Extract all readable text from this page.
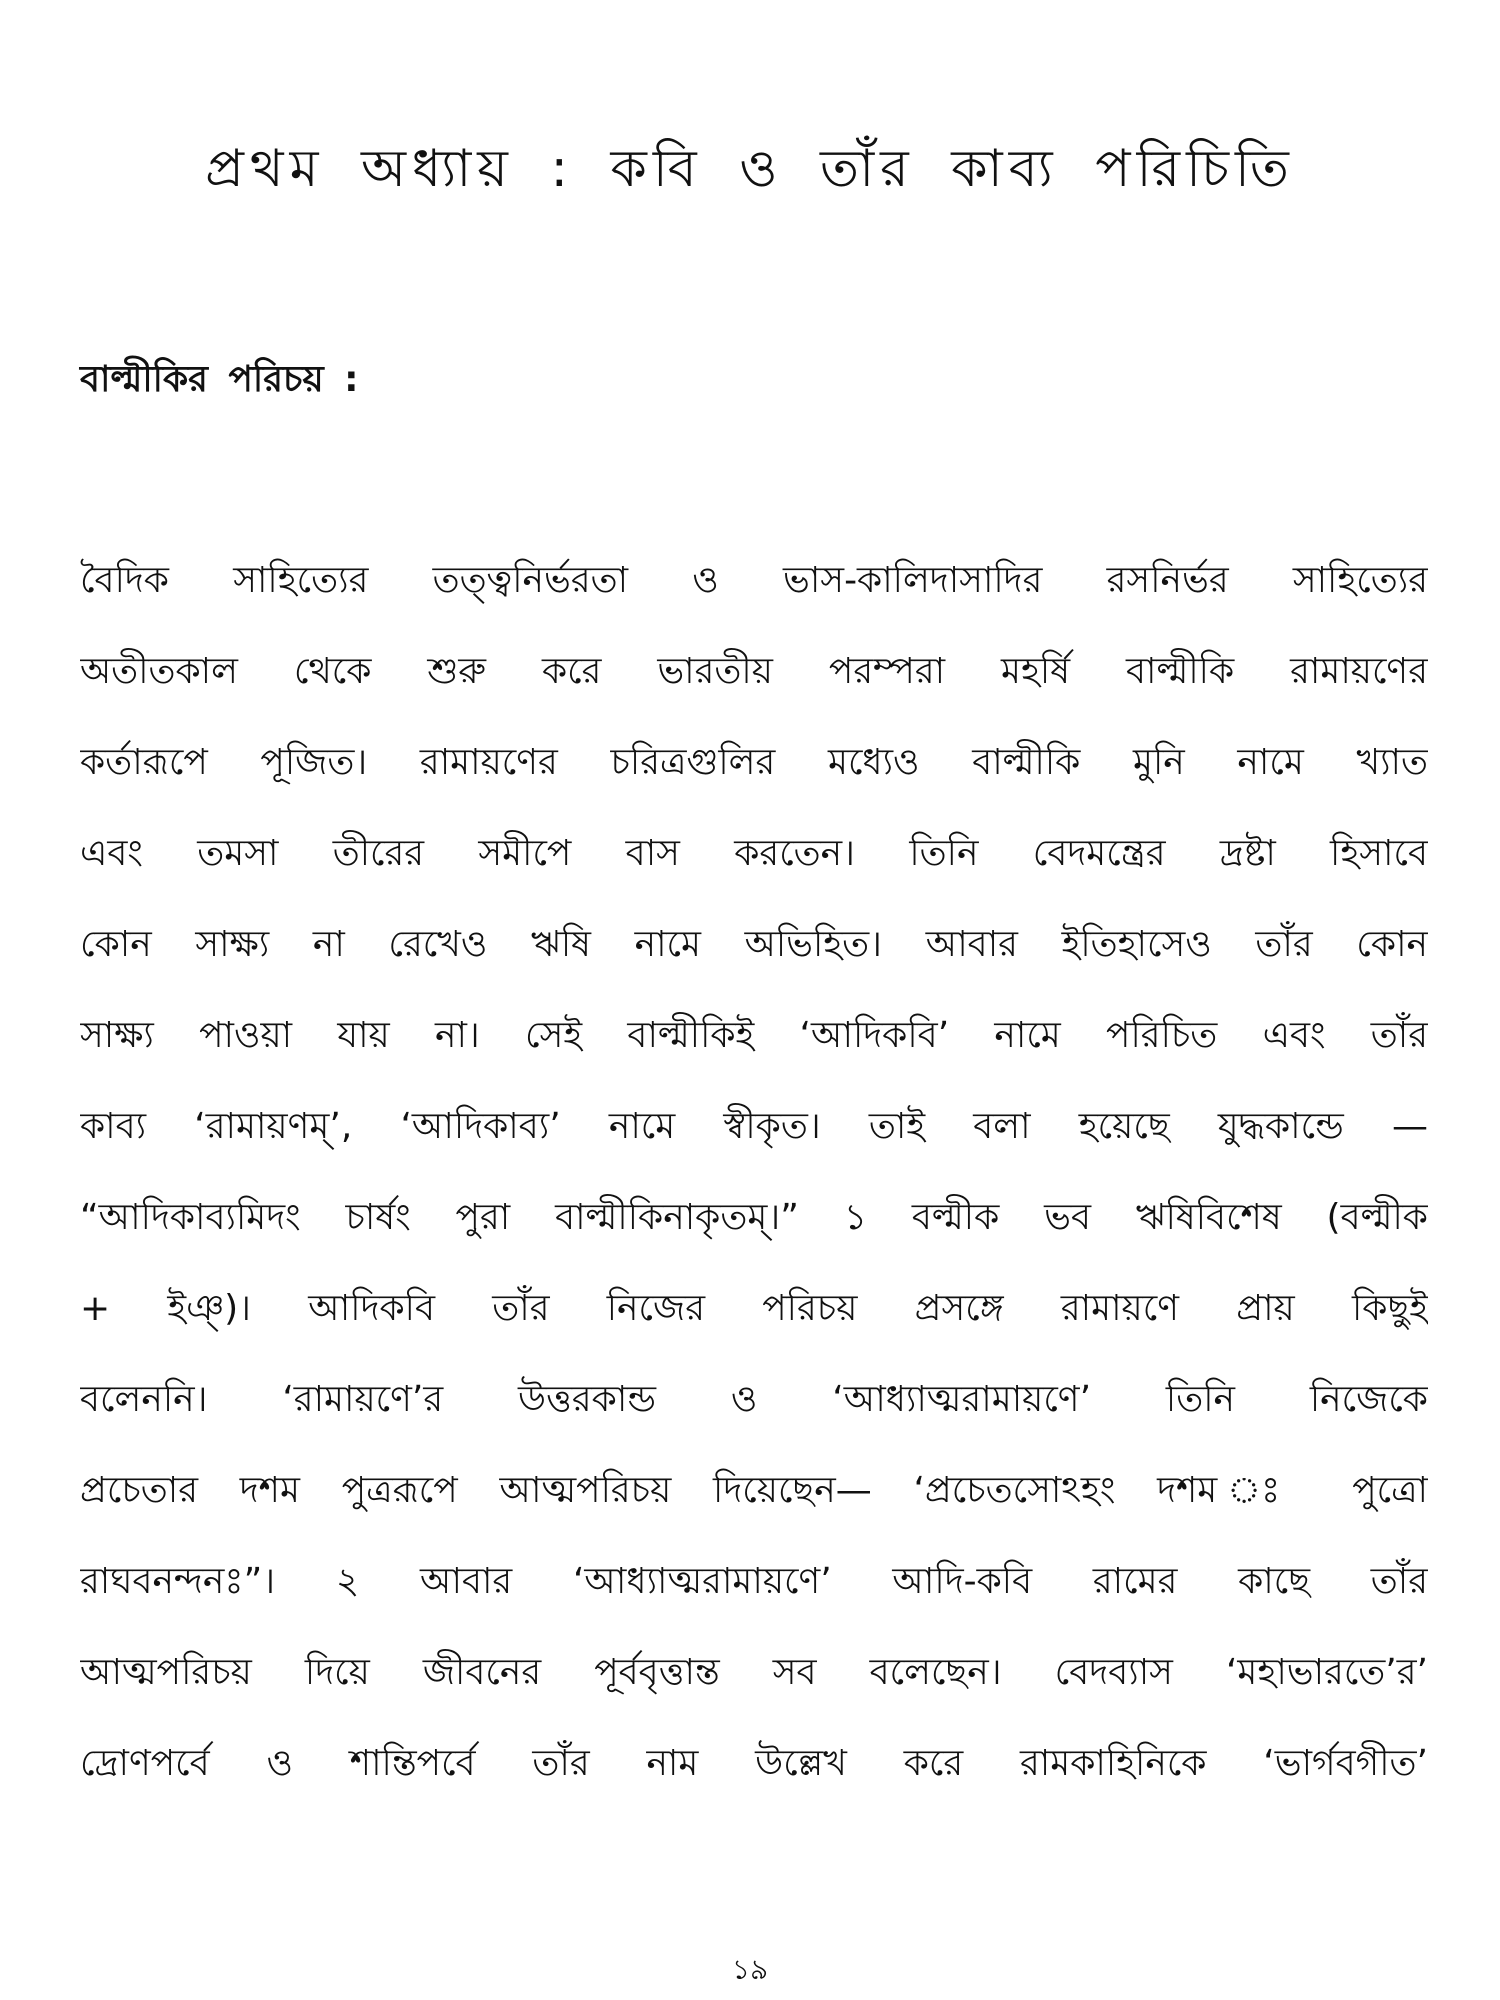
প্রথম অধ্যায় : কবি ও তাঁর কাব্য পরিচিতি
বাল্মীকির পরিচয় :
বৈদিক সাহিত্যের তত্ত্বনির্ভরতা ও ভাস-কালিদাসাদির রসনির্ভর সাহিত্যের
অতীতকাল থেকে শুরু করে ভারতীয় পরম্পরা মহর্ষি বাল্মীকি রামায়ণের
কর্তারূপে পূজিত। রামায়ণের চরিত্রগুলির মধ্যেও বাল্মীকি মুনি নামে খ্যাত
এবং তমসা তীরের সমীপে বাস করতেন। তিনি বেদমন্ত্রের দ্রষ্টা হিসাবে
কোন সাক্ষ্য না রেখেও ঋষি নামে অভিহিত। আবার ইতিহাসেও তাঁর কোন
সাক্ষ্য পাওয়া যায় না। সেই বাল্মীকিই ‘আদিকবি’ নামে পরিচিত এবং তাঁর
কাব্য ‘রামায়ণম্’, ‘আদিকাব্য’ নামে স্বীকৃত। তাই বলা হয়েছে যুদ্ধকান্ডে —
“আদিকাব্যমিদং চার্ষং পুরা বাল্মীকিনাকৃতম্।” ১ বল্মীক ভব ঋষিবিশেষ (বল্মীক
+ ইঞ্)। আদিকবি তাঁর নিজের পরিচয় প্রসঙ্গে রামায়ণে প্রায় কিছুই
বলেননি। ‘রামায়ণে’র উত্তরকান্ড ও ‘আধ্যাত্মরামায়ণে’ তিনি নিজেকে
প্রচেতার দশম পুত্ররূপে আত্মপরিচয় দিয়েছেন— ‘প্রচেতসোঽহং দশম ঃ পুত্রো
রাঘবনন্দনঃ”। ২ আবার ‘আধ্যাত্মরামায়ণে’ আদি-কবি রামের কাছে তাঁর
আত্মপরিচয় দিয়ে জীবনের পূর্ববৃত্তান্ত সব বলেছেন। বেদব্যাস ‘মহাভারতে’র’
দ্রোণপর্বে ও শান্তিপর্বে তাঁর নাম উল্লেখ করে রামকাহিনিকে ‘ভার্গবগীত’
১৯
